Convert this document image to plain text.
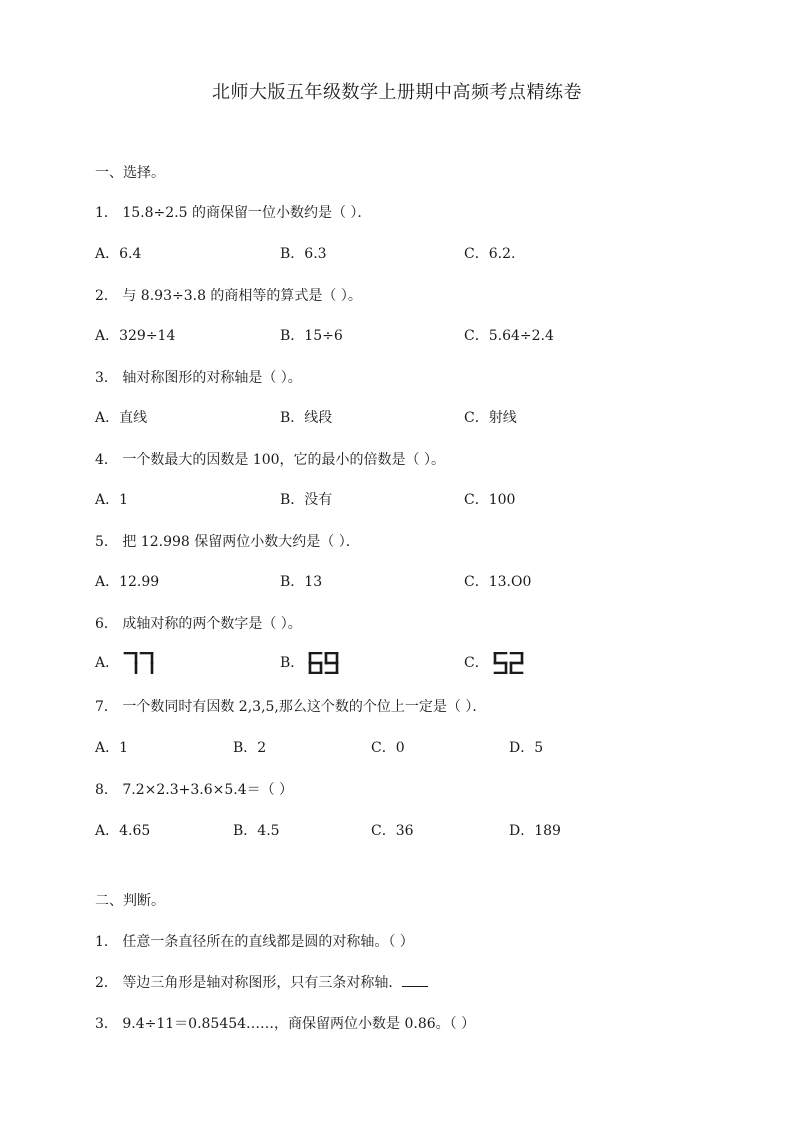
北师大版五年级数学上册期中高频考点精练卷
一、选择。
1． 15.8÷2.5 的商保留一位小数约是（ ）．
A．6.4	B．6.3	C．6.2.
2． 与 8.93÷3.8 的商相等的算式是（ ）。
A．329÷14	B．15÷6	C．5.64÷2.4
3． 轴对称图形的对称轴是（ ）。
A．直线	B．线段	C．射线
4． 一个数最大的因数是 100，它的最小的倍数是（ ）。
A．1	B．没有	C．100
5． 把 12.998 保留两位小数大约是（ ）．
A．12.99	B．13	C．13.O0
6． 成轴对称的两个数字是（ ）。
A．	B．	C．
7． 一个数同时有因数 2,3,5,那么这个数的个位上一定是（ ）．
A．1	B．2	C．0	D．5
8． 7.2×2.3+3.6×5.4＝（ ）
A．4.65	B．4.5	C．36	D．189
二、判断。
1． 任意一条直径所在的直线都是圆的对称轴。（ ）
2． 等边三角形是轴对称图形，只有三条对称轴．
3． 9.4÷11＝0.85454……，商保留两位小数是 0.86。（ ）
